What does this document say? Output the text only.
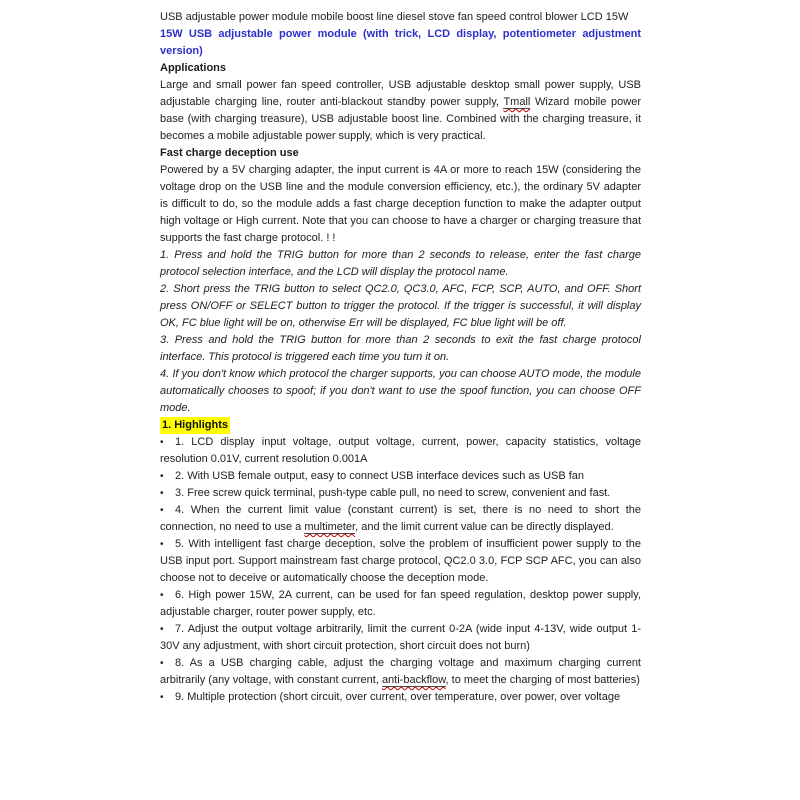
USB adjustable power module mobile boost line diesel stove fan speed control blower LCD 15W

15W USB adjustable power module (with trick, LCD display, potentiometer adjustment version)

Applications

Large and small power fan speed controller, USB adjustable desktop small power supply, USB adjustable charging line, router anti-blackout standby power supply, Tmall Wizard mobile power base (with charging treasure), USB adjustable boost line. Combined with the charging treasure, it becomes a mobile adjustable power supply, which is very practical.

Fast charge deception use

Powered by a 5V charging adapter, the input current is 4A or more to reach 15W (considering the voltage drop on the USB line and the module conversion efficiency, etc.), the ordinary 5V adapter is difficult to do, so the module adds a fast charge deception function to make the adapter output high voltage or High current. Note that you can choose to have a charger or charging treasure that supports the fast charge protocol. ! !

1. Press and hold the TRIG button for more than 2 seconds to release, enter the fast charge protocol selection interface, and the LCD will display the protocol name.

2. Short press the TRIG button to select QC2.0, QC3.0, AFC, FCP, SCP, AUTO, and OFF. Short press ON/OFF or SELECT button to trigger the protocol. If the trigger is successful, it will display OK, FC blue light will be on, otherwise Err will be displayed, FC blue light will be off.

3. Press and hold the TRIG button for more than 2 seconds to exit the fast charge protocol interface. This protocol is triggered each time you turn it on.

4. If you don't know which protocol the charger supports, you can choose AUTO mode, the module automatically chooses to spoof; if you don't want to use the spoof function, you can choose OFF mode.

1. Highlights

• 1. LCD display input voltage, output voltage, current, power, capacity statistics, voltage resolution 0.01V, current resolution 0.001A

• 2. With USB female output, easy to connect USB interface devices such as USB fan

• 3. Free screw quick terminal, push-type cable pull, no need to screw, convenient and fast.

• 4. When the current limit value (constant current) is set, there is no need to short the connection, no need to use a multimeter, and the limit current value can be directly displayed.

• 5. With intelligent fast charge deception, solve the problem of insufficient power supply to the USB input port. Support mainstream fast charge protocol, QC2.0 3.0, FCP SCP AFC, you can also choose not to deceive or automatically choose the deception mode.

• 6. High power 15W, 2A current, can be used for fan speed regulation, desktop power supply, adjustable charger, router power supply, etc.

• 7. Adjust the output voltage arbitrarily, limit the current 0-2A (wide input 4-13V, wide output 1-30V any adjustment, with short circuit protection, short circuit does not burn)

• 8. As a USB charging cable, adjust the charging voltage and maximum charging current arbitrarily (any voltage, with constant current, anti-backflow, to meet the charging of most batteries)

• 9. Multiple protection (short circuit, over current, over temperature, over power, over voltage
